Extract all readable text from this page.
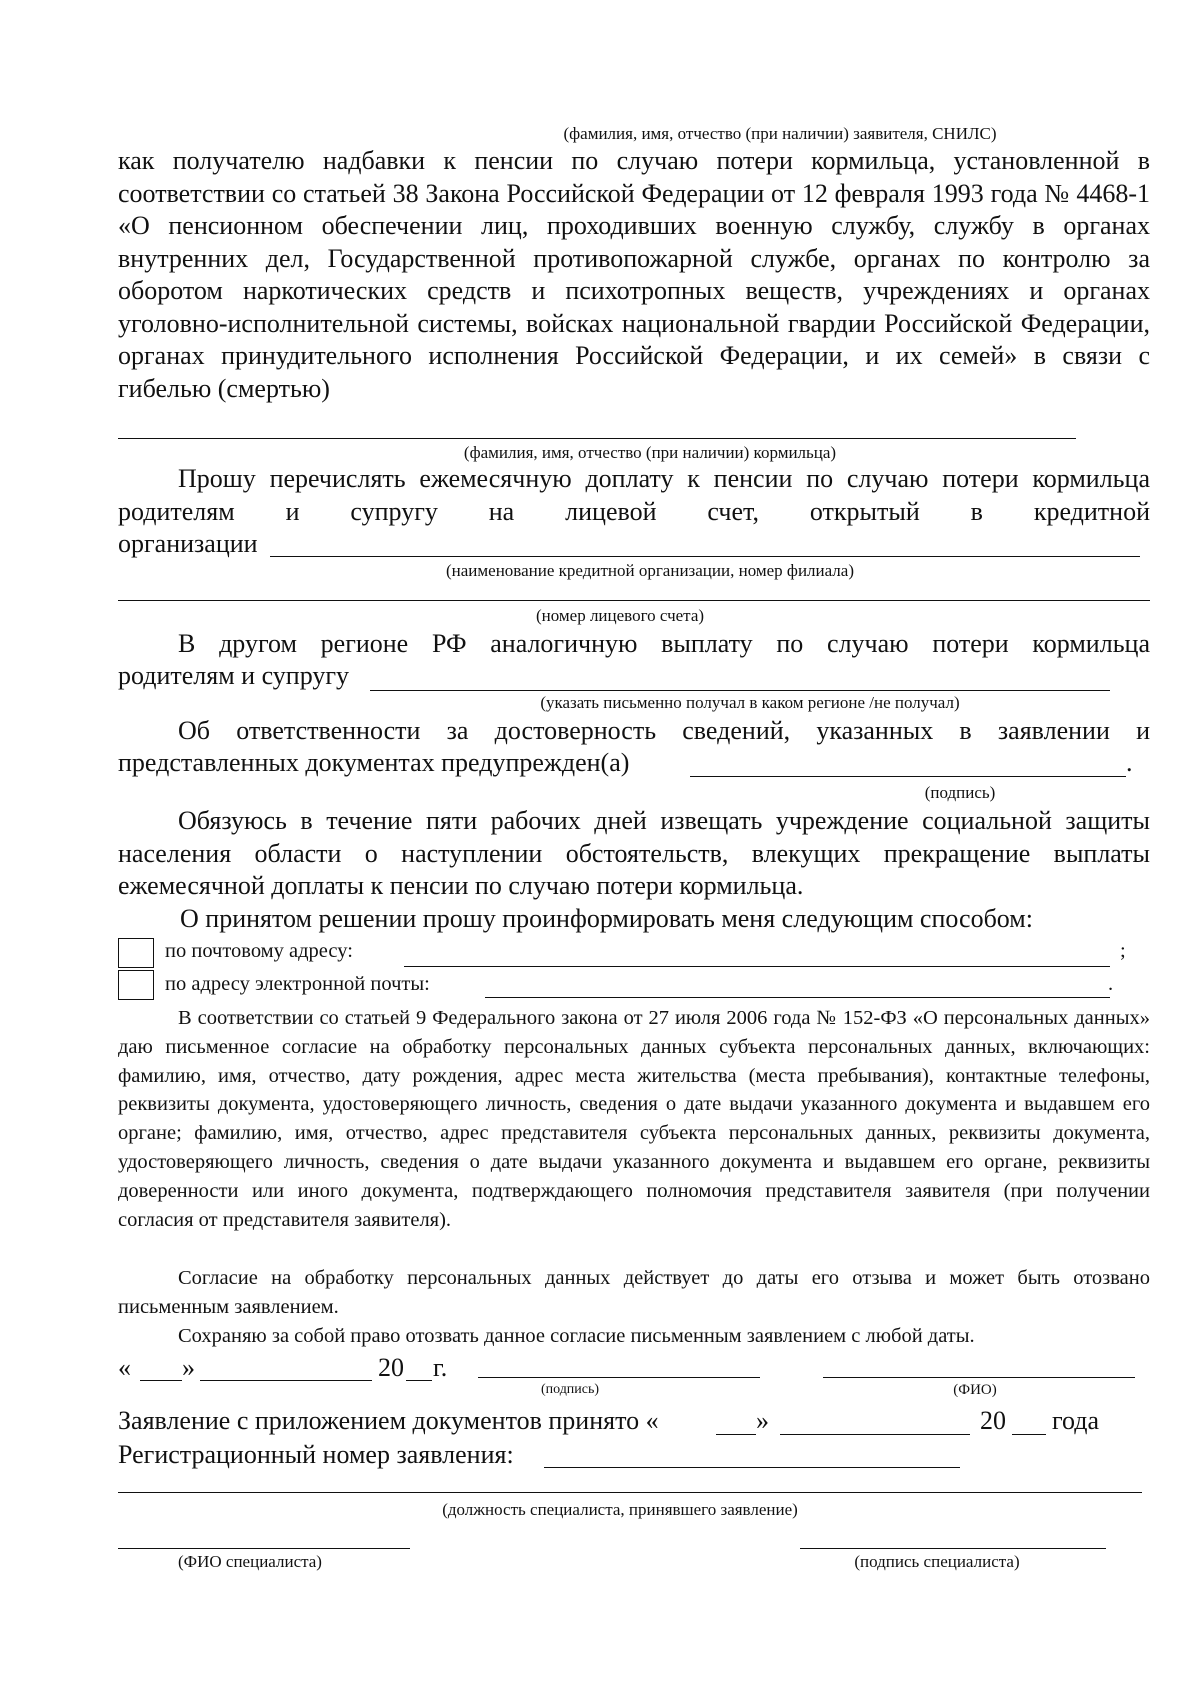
(фамилия, имя, отчество (при наличии) заявителя, СНИЛС)

как получателю надбавки к пенсии по случаю потери кормильца, установленной в соответствии со статьей 38 Закона Российской Федерации от 12 февраля 1993 года № 4468-1 «О пенсионном обеспечении лиц, проходивших военную службу, службу в органах внутренних дел, Государственной противопожарной службе, органах по контролю за оборотом наркотических средств и психотропных веществ, учреждениях и органах уголовно-исполнительной системы, войсках национальной гвардии Российской Федерации, органах принудительного исполнения Российской Федерации, и их семей» в связи с гибелью (смертью)

(фамилия, имя, отчество (при наличии) кормильца)

Прошу перечислять ежемесячную доплату к пенсии по случаю потери кормильца родителям и супругу на лицевой счет, открытый в кредитной

организации
(наименование кредитной организации, номер филиала)
(номер лицевого счета)

В другом регионе РФ аналогичную выплату по случаю потери кормильца

родителям и супругу
(указать письменно получал в каком регионе /не получал)

Об ответственности за достоверность сведений, указанных в заявлении и

представленных документах предупрежден(а)	.
(подпись)

Обязуюсь в течение пяти рабочих дней извещать учреждение социальной защиты населения области о наступлении обстоятельств, влекущих прекращение выплаты ежемесячной доплаты к пенсии по случаю потери кормильца.

О принятом решении прошу проинформировать меня следующим способом:
по почтовому адресу:	;
по адресу электронной почты:	.

В соответствии со статьей 9 Федерального закона от 27 июля 2006 года № 152-ФЗ «О персональных данных» даю письменное согласие на обработку персональных данных субъекта персональных данных, включающих: фамилию, имя, отчество, дату рождения, адрес места жительства (места пребывания), контактные телефоны, реквизиты документа, удостоверяющего личность, сведения о дате выдачи указанного документа и выдавшем его органе; фамилию, имя, отчество, адрес представителя субъекта персональных данных, реквизиты документа, удостоверяющего личность, сведения о дате выдачи указанного документа и выдавшем его органе, реквизиты доверенности или иного документа, подтверждающего полномочия представителя заявителя (при получении согласия от представителя заявителя).

Согласие на обработку персональных данных действует до даты его отзыва и может быть отозвано письменным заявлением.

Сохраняю за собой право отозвать данное согласие письменным заявлением с любой даты.

« »	20 г.
(подпись)	(ФИО)
Заявление с приложением документов принято «	»	20 года
Регистрационный номер заявления:
(должность специалиста, принявшего заявление)
(ФИО специалиста)	(подпись специалиста)
